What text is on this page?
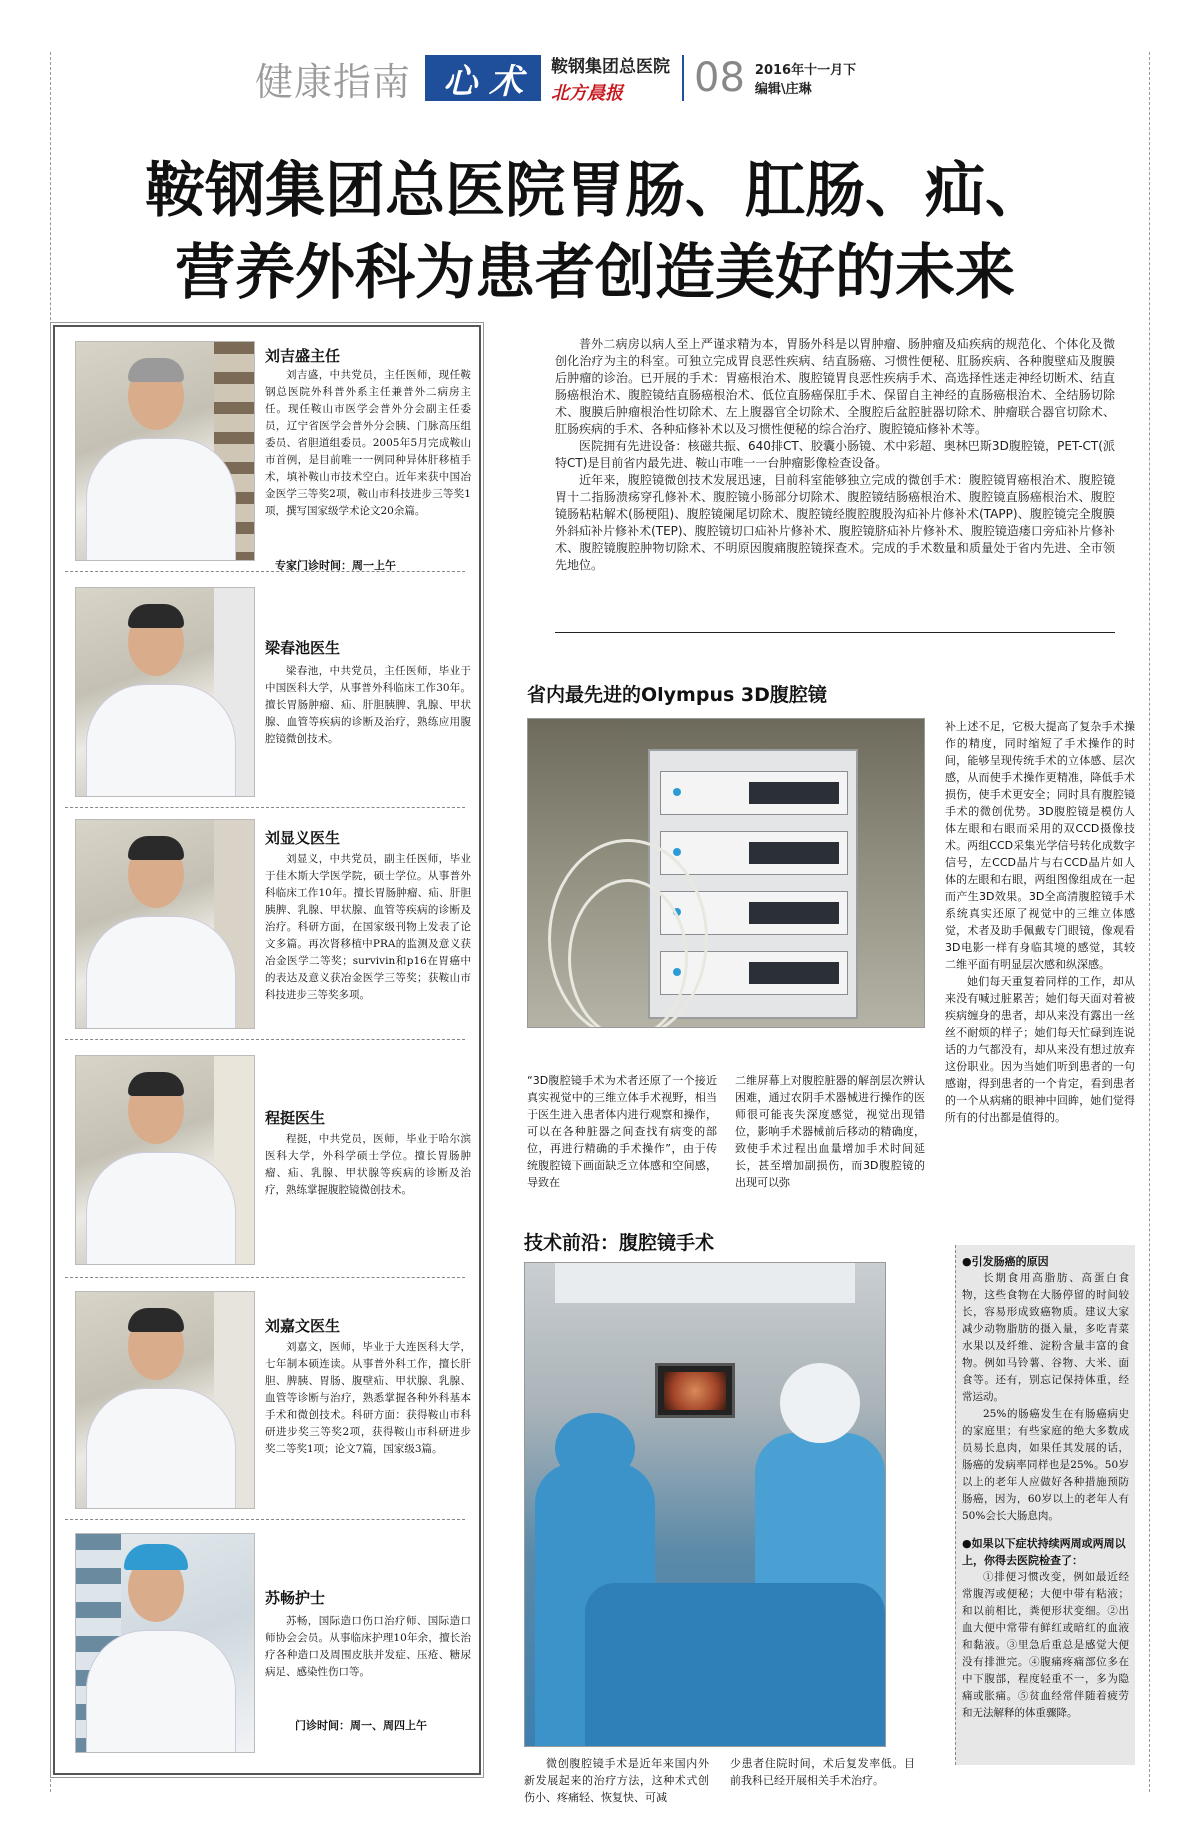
健康指南 心 术 鞍钢集团总医院
北方晨报	08 2016年十一月下
编辑\庄琳
鞍钢集团总医院胃肠、肛肠、疝、
营养外科为患者创造美好的未来
刘吉盛主任
刘吉盛，中共党员，主任医师，现任鞍钢总医院外科普外系主任兼普外二病房主任。现任鞍山市医学会普外分会副主任委员，辽宁省医学会普外分会胰、门脉高压组委员、省胆道组委员。2005年5月完成鞍山市首例，是目前唯一一例同种异体肝移植手术，填补鞍山市技术空白。近年来获中国冶金医学三等奖2项，鞍山市科技进步三等奖1项，撰写国家级学术论文20余篇。
专家门诊时间：周一上午
梁春池医生
梁春池，中共党员，主任医师，毕业于中国医科大学，从事普外科临床工作30年。擅长胃肠肿瘤、疝、肝胆胰脾、乳腺、甲状腺、血管等疾病的诊断及治疗，熟练应用腹腔镜微创技术。
刘显义医生
刘显义，中共党员，副主任医师，毕业于佳木斯大学医学院，硕士学位。从事普外科临床工作10年。擅长胃肠肿瘤、疝、肝胆胰脾、乳腺、甲状腺、血管等疾病的诊断及治疗。科研方面，在国家级刊物上发表了论文多篇。再次肾移植中PRA的监测及意义获冶金医学二等奖；survivin和p16在胃癌中的表达及意义获冶金医学三等奖；获鞍山市科技进步三等奖多项。
程挺医生
程挺，中共党员，医师，毕业于哈尔滨医科大学，外科学硕士学位。擅长胃肠肿瘤、疝、乳腺、甲状腺等疾病的诊断及治疗，熟练掌握腹腔镜微创技术。
刘嘉文医生
刘嘉文，医师，毕业于大连医科大学，七年制本硕连读。从事普外科工作，擅长肝胆、脾胰、胃肠、腹壁疝、甲状腺、乳腺、血管等诊断与治疗，熟悉掌握各种外科基本手术和微创技术。科研方面：获得鞍山市科研进步奖三等奖2项，获得鞍山市科研进步奖二等奖1项；论文7篇，国家级3篇。
苏畅护士
苏畅，国际造口伤口治疗师、国际造口师协会会员。从事临床护理10年余，擅长治疗各种造口及周围皮肤并发症、压疮、糖尿病足、感染性伤口等。
门诊时间：周一、周四上午

普外二病房以病人至上严谨求精为本，胃肠外科是以胃肿瘤、肠肿瘤及疝疾病的规范化、个体化及微创化治疗为主的科室。可独立完成胃良恶性疾病、结直肠癌、习惯性便秘、肛肠疾病、各种腹壁疝及腹膜后肿瘤的诊治。已开展的手术：胃癌根治术、腹腔镜胃良恶性疾病手术、高选择性迷走神经切断术、结直肠癌根治术、腹腔镜结直肠癌根治术、低位直肠癌保肛手术、保留自主神经的直肠癌根治术、全结肠切除术、腹膜后肿瘤根治性切除术、左上腹器官全切除术、全腹腔后盆腔脏器切除术、肿瘤联合器官切除术、肛肠疾病的手术、各种疝修补术以及习惯性便秘的综合治疗、腹腔镜疝修补术等。

医院拥有先进设备：核磁共振、640排CT、胶囊小肠镜、术中彩超、奥林巴斯3D腹腔镜，PET-CT(派特CT)是目前省内最先进、鞍山市唯一一台肿瘤影像检查设备。

近年来，腹腔镜微创技术发展迅速，目前科室能够独立完成的微创手术：腹腔镜胃癌根治术、腹腔镜胃十二指肠溃疡穿孔修补术、腹腔镜小肠部分切除术、腹腔镜结肠癌根治术、腹腔镜直肠癌根治术、腹腔镜肠粘粘解术(肠梗阻)、腹腔镜阑尾切除术、腹腔镜经腹腔腹股沟疝补片修补术(TAPP)、腹腔镜完全腹膜外斜疝补片修补术(TEP)、腹腔镜切口疝补片修补术、腹腔镜脐疝补片修补术、腹腔镜造瘘口旁疝补片修补术、腹腔镜腹腔肿物切除术、不明原因腹痛腹腔镜探查术。完成的手术数量和质量处于省内先进、全市领先地位。

省内最先进的Olympus 3D腹腔镜
“3D腹腔镜手术为术者还原了一个接近真实视觉中的三维立体手术视野，相当于医生进入患者体内进行观察和操作，可以在各种脏器之间查找有病变的部位，再进行精确的手术操作”，由于传统腹腔镜下画面缺乏立体感和空间感，导致在
二维屏幕上对腹腔脏器的解剖层次辨认困难，通过农阴手术器械进行操作的医师很可能丧失深度感觉，视觉出现错位，影响手术器械前后移动的精确度，致使手术过程出血量增加手术时间延长，甚至增加副损伤，而3D腹腔镜的出现可以弥
补上述不足，它极大提高了复杂手术操作的精度，同时缩短了手术操作的时间，能够呈现传统手术的立体感、层次感，从而使手术操作更精准，降低手术损伤，使手术更安全；同时具有腹腔镜手术的微创优势。3D腹腔镜是模仿人体左眼和右眼而采用的双CCD摄像技术。两组CCD采集光学信号转化成数字信号，左CCD晶片与右CCD晶片如人体的左眼和右眼，两组图像组成在一起而产生3D效果。3D全高清腹腔镜手术系统真实还原了视觉中的三维立体感觉，术者及助手佩戴专门眼镜，像观看3D电影一样有身临其境的感觉，其较二维平面有明显层次感和纵深感。
她们每天重复着同样的工作，却从来没有喊过脏累苦；她们每天面对着被疾病缠身的患者，却从来没有露出一丝丝不耐烦的样子；她们每天忙碌到连说话的力气都没有，却从来没有想过放弃这份职业。因为当她们听到患者的一句感谢，得到患者的一个肯定，看到患者的一个从病痛的眼神中回眸，她们觉得所有的付出都是值得的。
技术前沿：腹腔镜手术
微创腹腔镜手术是近年来国内外新发展起来的治疗方法，这种术式创伤小、疼痛轻、恢复快、可减
少患者住院时间，术后复发率低。目前我科已经开展相关手术治疗。
●引发肠癌的原因

长期食用高脂肪、高蛋白食物，这些食物在大肠停留的时间较长，容易形成致癌物质。建议大家减少动物脂肪的摄入量，多吃青菜水果以及纤维、淀粉含量丰富的食物。例如马铃薯、谷物、大米、面食等。还有，别忘记保持体重，经常运动。

25%的肠癌发生在有肠癌病史的家庭里；有些家庭的绝大多数成员易长息肉，如果任其发展的话，肠癌的发病率同样也是25%。50岁以上的老年人应做好各种措施预防肠癌，因为，60岁以上的老年人有50%会长大肠息肉。

●如果以下症状持续两周或两周以上，你得去医院检查了：

①排便习惯改变，例如最近经常腹泻或便秘；大便中带有粘液；和以前相比，粪便形状变细。②出血大便中常带有鲜红或暗红的血液和黏液。③里急后重总是感觉大便没有排泄完。④腹痛疼痛部位多在中下腹部，程度轻重不一，多为隐痛或胀痛。⑤贫血经常伴随着疲劳和无法解释的体重骤降。
